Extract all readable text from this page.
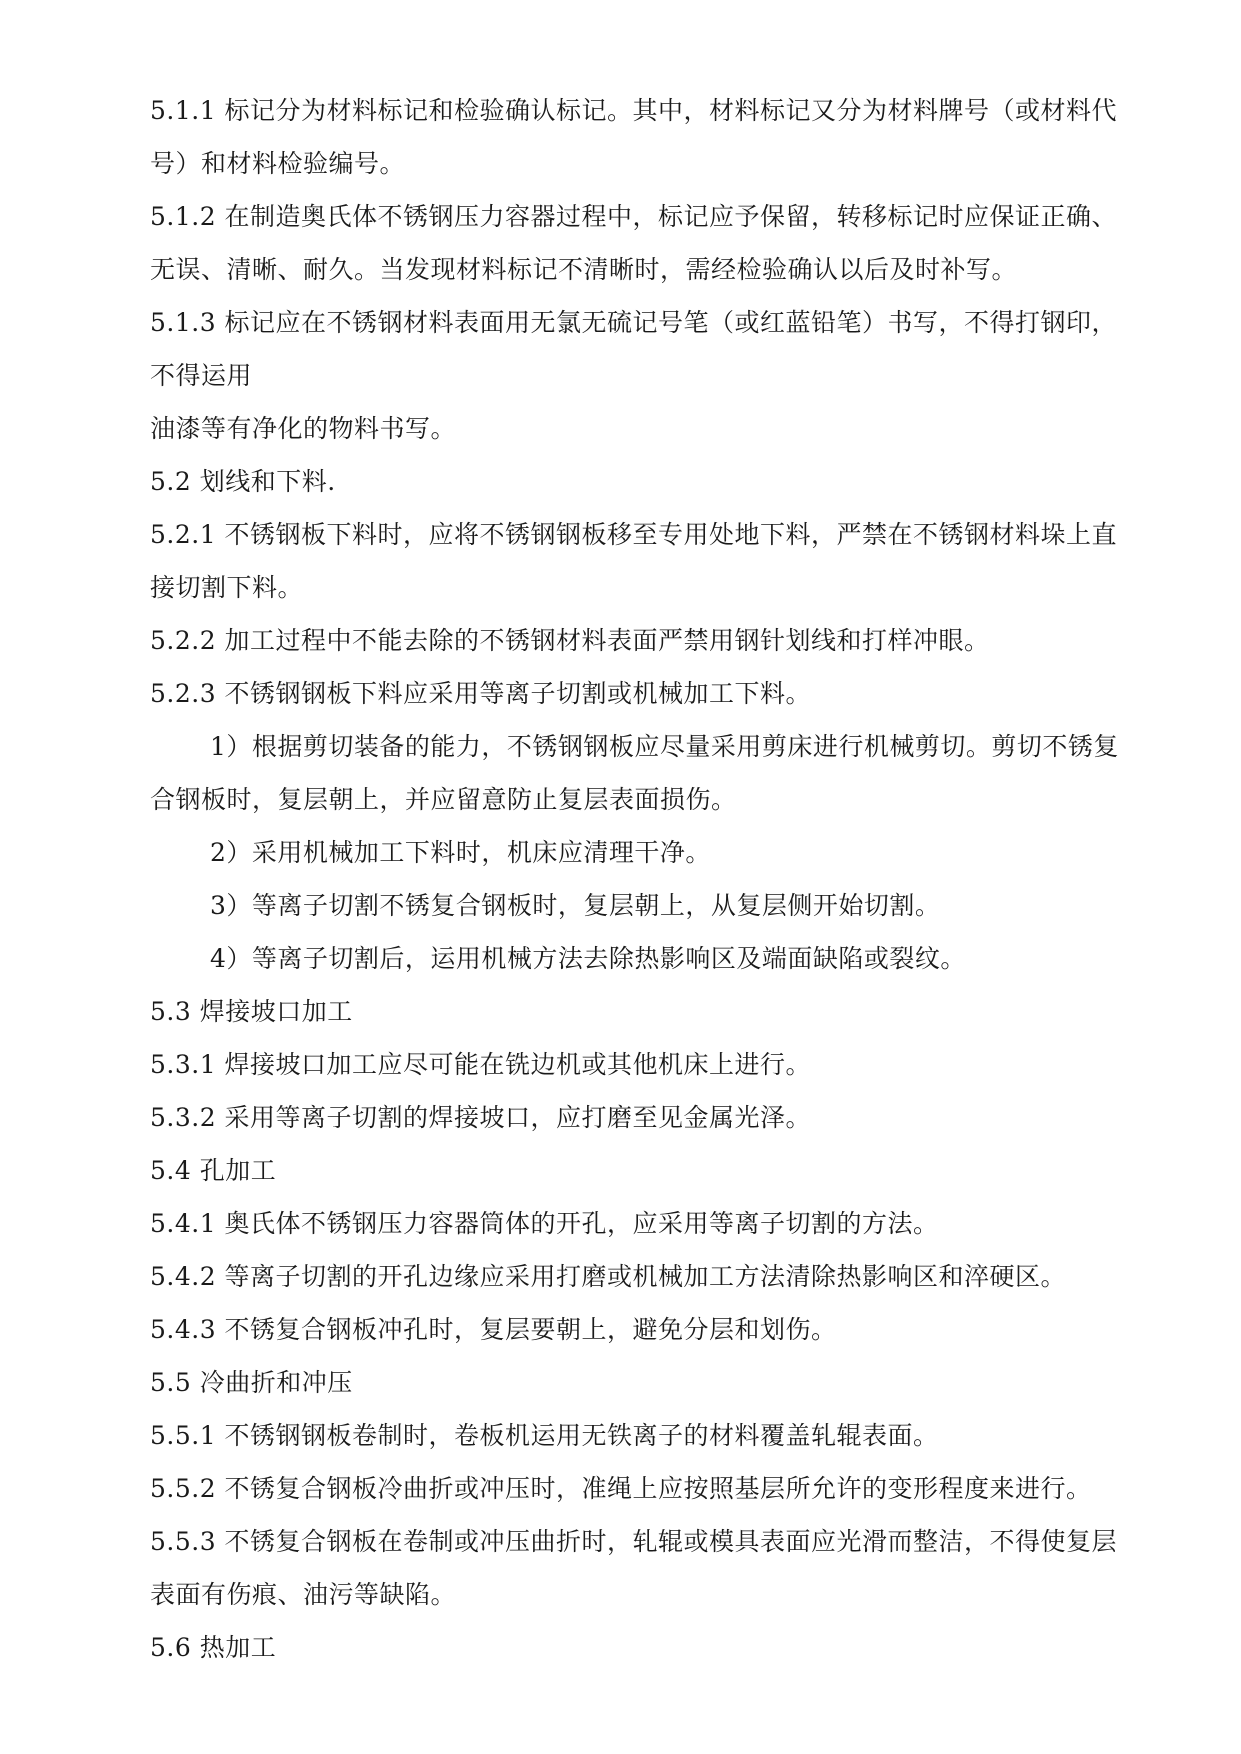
5.1.1 标记分为材料标记和检验确认标记。其中，材料标记又分为材料牌号（或材料代
号）和材料检验编号。
5.1.2 在制造奥氏体不锈钢压力容器过程中，标记应予保留，转移标记时应保证正确、
无误、清晰、耐久。当发现材料标记不清晰时，需经检验确认以后及时补写。
5.1.3 标记应在不锈钢材料表面用无氯无硫记号笔（或红蓝铅笔）书写，不得打钢印，
不得运用
油漆等有净化的物料书写。
5.2 划线和下料.
5.2.1 不锈钢板下料时，应将不锈钢钢板移至专用处地下料，严禁在不锈钢材料垛上直
接切割下料。
5.2.2 加工过程中不能去除的不锈钢材料表面严禁用钢针划线和打样冲眼。
5.2.3 不锈钢钢板下料应采用等离子切割或机械加工下料。
1）根据剪切装备的能力，不锈钢钢板应尽量采用剪床进行机械剪切。剪切不锈复
合钢板时，复层朝上，并应留意防止复层表面损伤。
2）采用机械加工下料时，机床应清理干净。
3）等离子切割不锈复合钢板时，复层朝上，从复层侧开始切割。
4）等离子切割后，运用机械方法去除热影响区及端面缺陷或裂纹。
5.3 焊接坡口加工
5.3.1 焊接坡口加工应尽可能在铣边机或其他机床上进行。
5.3.2 采用等离子切割的焊接坡口，应打磨至见金属光泽。
5.4 孔加工
5.4.1 奥氏体不锈钢压力容器筒体的开孔，应采用等离子切割的方法。
5.4.2 等离子切割的开孔边缘应采用打磨或机械加工方法清除热影响区和淬硬区。
5.4.3 不锈复合钢板冲孔时，复层要朝上，避免分层和划伤。
5.5 冷曲折和冲压
5.5.1 不锈钢钢板卷制时，卷板机运用无铁离子的材料覆盖轧辊表面。
5.5.2 不锈复合钢板冷曲折或冲压时，准绳上应按照基层所允许的变形程度来进行。
5.5.3 不锈复合钢板在卷制或冲压曲折时，轧辊或模具表面应光滑而整洁，不得使复层
表面有伤痕、油污等缺陷。
5.6 热加工
